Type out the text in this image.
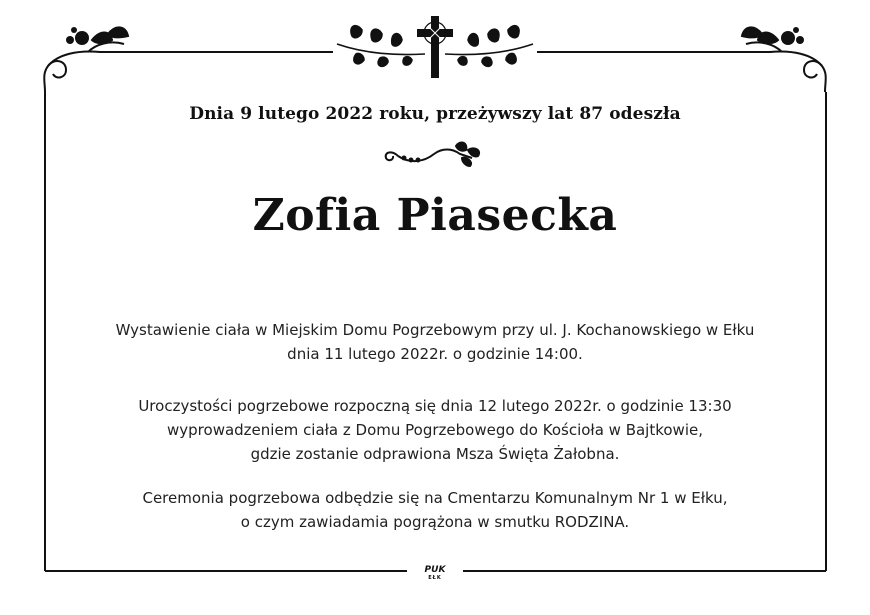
Dnia 9 lutego 2022 roku, przeżywszy lat 87 odeszła
Zofia Piasecka
Wystawienie ciała w Miejskim Domu Pogrzebowym przy ul. J. Kochanowskiego w Ełku
dnia 11 lutego 2022r. o godzinie 14:00.
Uroczystości pogrzebowe rozpoczną się dnia 12 lutego 2022r. o godzinie 13:30
wyprowadzeniem ciała z Domu Pogrzebowego do Kościoła w Bajtkowie,
gdzie zostanie odprawiona Msza Święta Żałobna.
Ceremonia pogrzebowa odbędzie się na Cmentarzu Komunalnym Nr 1 w Ełku,
o czym zawiadamia pogrążona w smutku RODZINA.
PUK
EŁK
